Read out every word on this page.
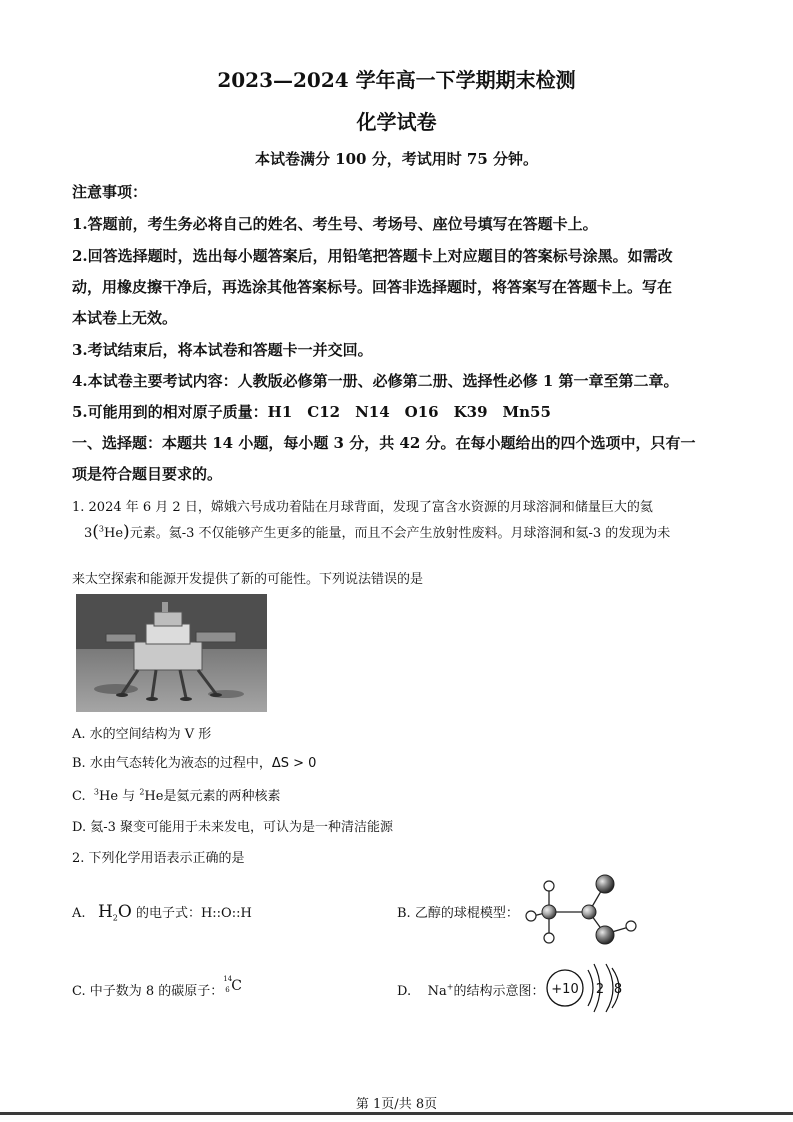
2023—2024 学年高一下学期期末检测
化学试卷
本试卷满分 100 分，考试用时 75 分钟。
注意事项：
1.答题前，考生务必将自己的姓名、考生号、考场号、座位号填写在答题卡上。
2.回答选择题时，选出每小题答案后，用铅笔把答题卡上对应题目的答案标号涂黑。如需改
动，用橡皮擦干净后，再选涂其他答案标号。回答非选择题时，将答案写在答题卡上。写在
本试卷上无效。
3.考试结束后，将本试卷和答题卡一并交回。
4.本试卷主要考试内容：人教版必修第一册、必修第二册、选择性必修 1 第一章至第二章。
5.可能用到的相对原子质量：H1　C12　N14　O16　K39　Mn55
一、选择题：本题共 14 小题，每小题 3 分，共 42 分。在每小题给出的四个选项中，只有一
项是符合题目要求的。
1. 2024 年 6 月 2 日，嫦娥六号成功着陆在月球背面，发现了富含水资源的月球溶洞和储量巨大的氦
3($^3$He)元素。氦-3 不仅能够产生更多的能量，而且不会产生放射性废料。月球溶洞和氦-3 的发现为未
来太空探索和能源开发提供了新的可能性。下列说法错误的是
A. 水的空间结构为 V 形
B. 水由气态转化为液态的过程中，ΔS > 0
C. $^3$He 与 $^2$He是氦元素的两种核素
D. 氦-3 聚变可能用于未来发电，可认为是一种清洁能源
2. 下列化学用语表示正确的是
A. $H_2O$ 的电子式：H::O::H	B. 乙醇的球棍模型：
C. 中子数为 8 的碳原子：
14
6 C	D. Na+的结构示意图： +10 2 8
第 1页/共 8页
